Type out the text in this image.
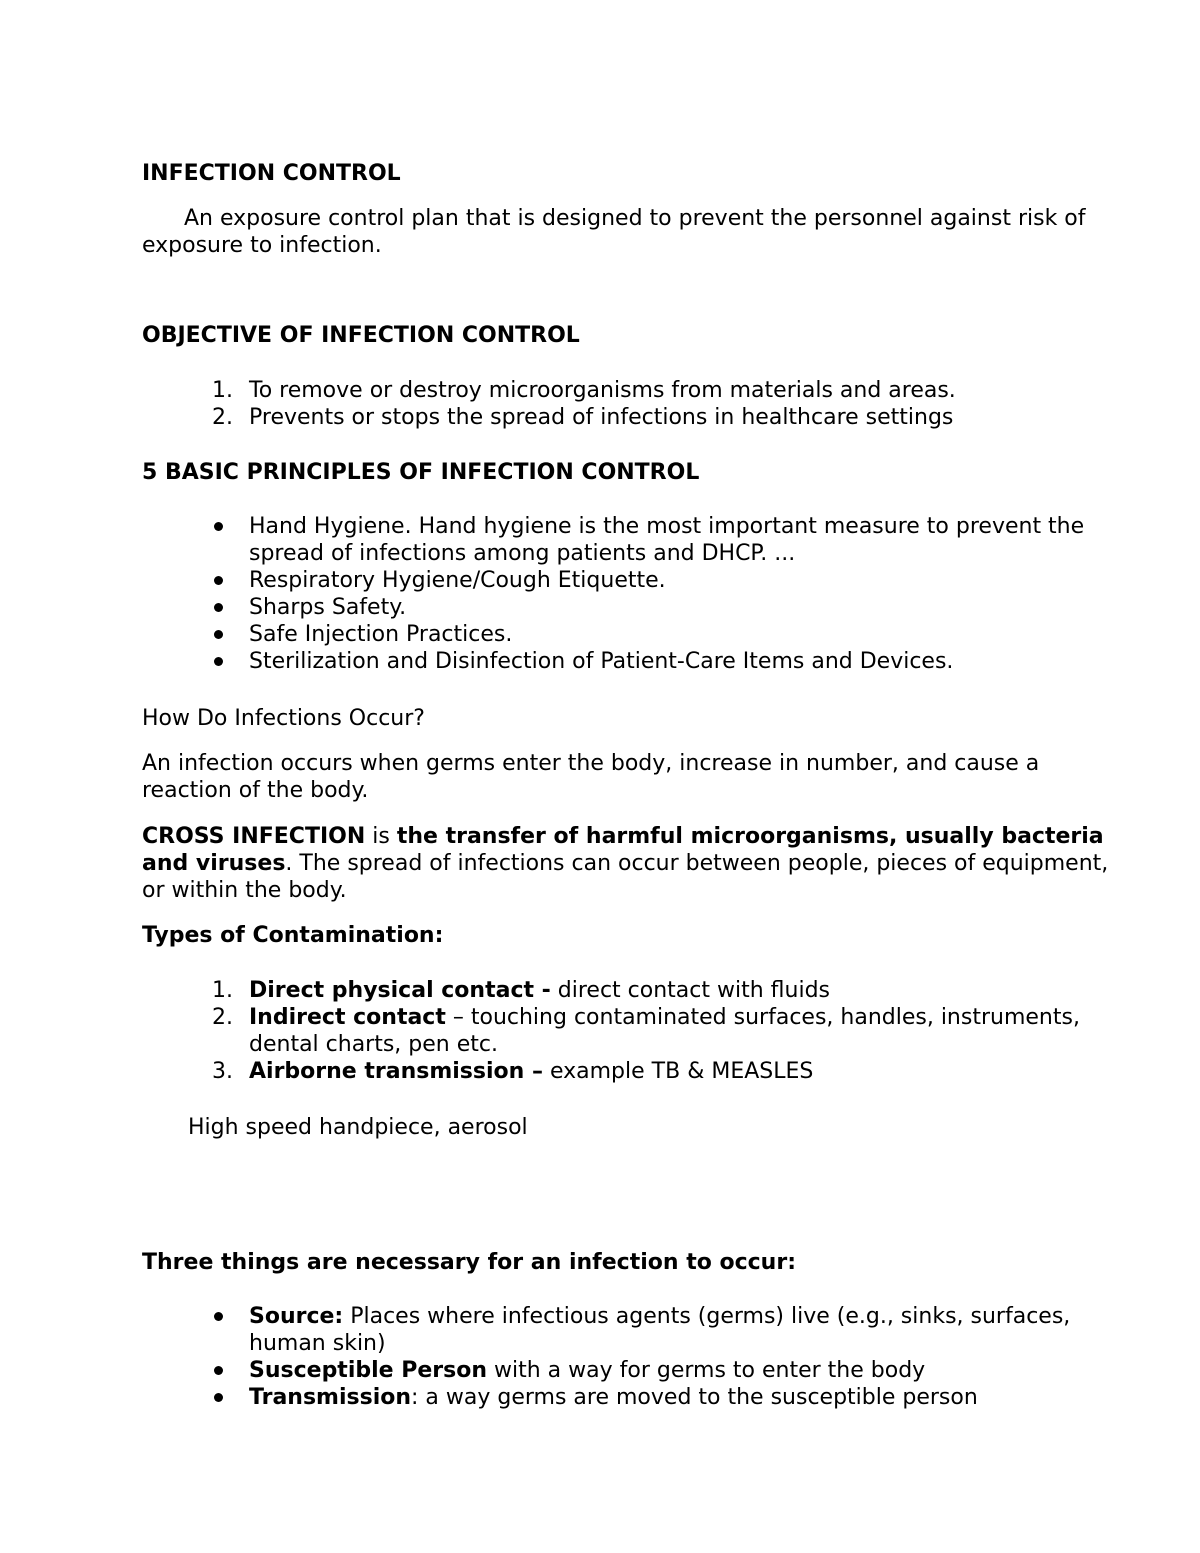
INFECTION CONTROL

An exposure control plan that is designed to prevent the personnel against risk of exposure to infection.

OBJECTIVE OF INFECTION CONTROL

1. To remove or destroy microorganisms from materials and areas.
2. Prevents or stops the spread of infections in healthcare settings

5 BASIC PRINCIPLES OF INFECTION CONTROL

Hand Hygiene. Hand hygiene is the most important measure to prevent the spread of infections among patients and DHCP. ...
Respiratory Hygiene/Cough Etiquette.
Sharps Safety.
Safe Injection Practices.
Sterilization and Disinfection of Patient-Care Items and Devices.

How Do Infections Occur?

An infection occurs when germs enter the body, increase in number, and cause a reaction of the body.

CROSS INFECTION is the transfer of harmful microorganisms, usually bacteria and viruses. The spread of infections can occur between people, pieces of equipment, or within the body.

Types of Contamination:

1. Direct physical contact - direct contact with fluids
2. Indirect contact – touching contaminated surfaces, handles, instruments, dental charts, pen etc.
3. Airborne transmission – example TB & MEASLES

High speed handpiece, aerosol

Three things are necessary for an infection to occur:

Source: Places where infectious agents (germs) live (e.g., sinks, surfaces, human skin)
Susceptible Person with a way for germs to enter the body
Transmission: a way germs are moved to the susceptible person
